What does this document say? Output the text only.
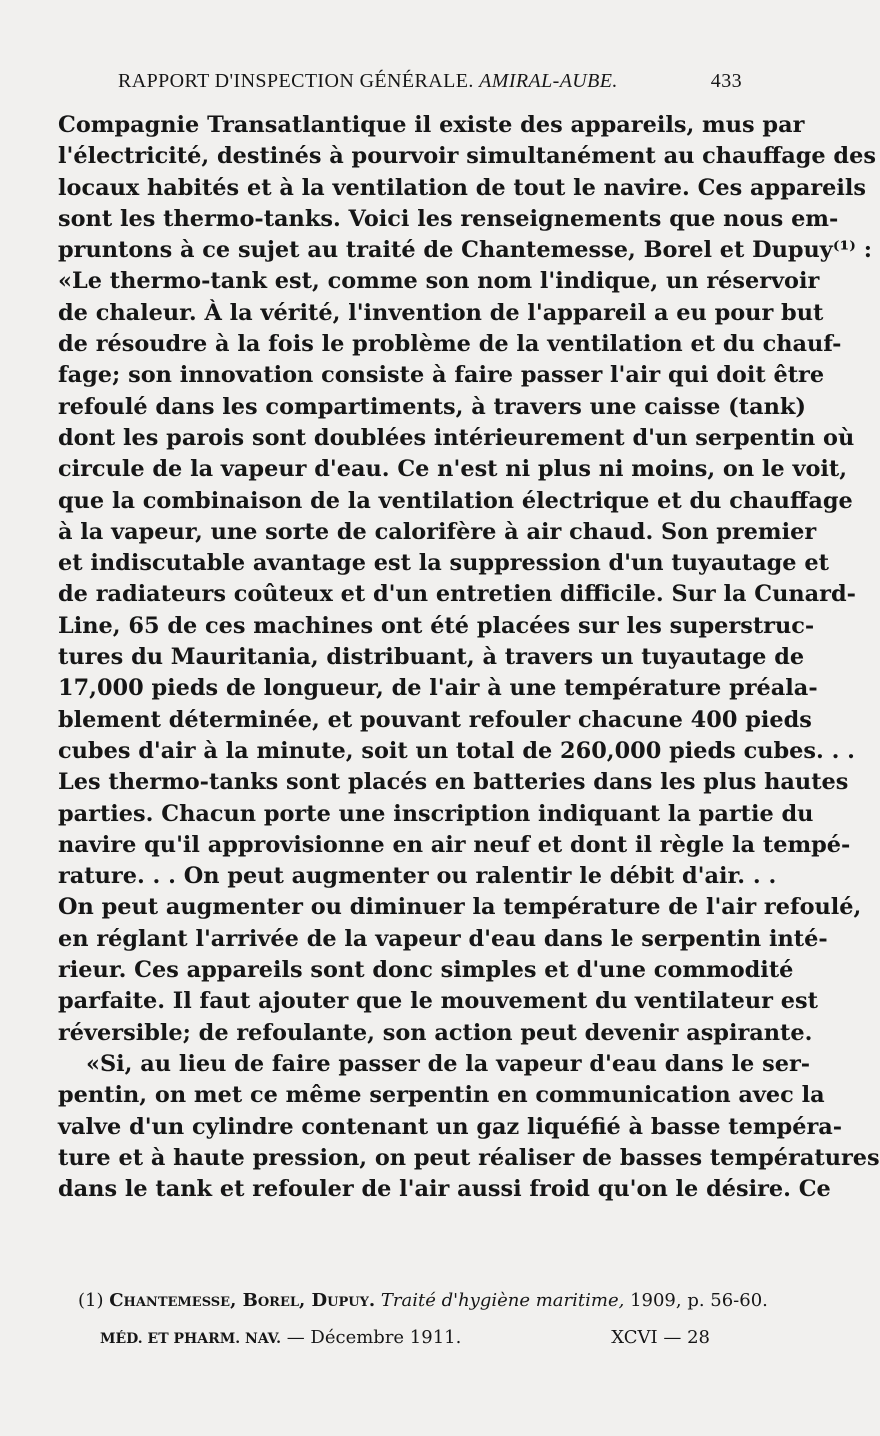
RAPPORT D'INSPECTION GÉNÉRALE. AMIRAL-AUBE.	433
Compagnie Transatlantique il existe des appareils, mus par
l'électricité, destinés à pourvoir simultanément au chauffage des
locaux habités et à la ventilation de tout le navire. Ces appareils
sont les thermo-tanks. Voici les renseignements que nous em-
pruntons à ce sujet au traité de Chantemesse, Borel et Dupuy⁽¹⁾ :
«Le thermo-tank est, comme son nom l'indique, un réservoir
de chaleur. À la vérité, l'invention de l'appareil a eu pour but
de résoudre à la fois le problème de la ventilation et du chauf-
fage; son innovation consiste à faire passer l'air qui doit être
refoulé dans les compartiments, à travers une caisse (tank)
dont les parois sont doublées intérieurement d'un serpentin où
circule de la vapeur d'eau. Ce n'est ni plus ni moins, on le voit,
que la combinaison de la ventilation électrique et du chauffage
à la vapeur, une sorte de calorifère à air chaud. Son premier
et indiscutable avantage est la suppression d'un tuyautage et
de radiateurs coûteux et d'un entretien difficile. Sur la Cunard-
Line, 65 de ces machines ont été placées sur les superstruc-
tures du Mauritania, distribuant, à travers un tuyautage de
17,000 pieds de longueur, de l'air à une température préala-
blement déterminée, et pouvant refouler chacune 400 pieds
cubes d'air à la minute, soit un total de 260,000 pieds cubes. . .
Les thermo-tanks sont placés en batteries dans les plus hautes
parties. Chacun porte une inscription indiquant la partie du
navire qu'il approvisionne en air neuf et dont il règle la tempé-
rature. . . On peut augmenter ou ralentir le débit d'air. . .
On peut augmenter ou diminuer la température de l'air refoulé,
en réglant l'arrivée de la vapeur d'eau dans le serpentin inté-
rieur. Ces appareils sont donc simples et d'une commodité
parfaite. Il faut ajouter que le mouvement du ventilateur est
réversible; de refoulante, son action peut devenir aspirante.
«Si, au lieu de faire passer de la vapeur d'eau dans le ser-
pentin, on met ce même serpentin en communication avec la
valve d'un cylindre contenant un gaz liquéfié à basse tempéra-
ture et à haute pression, on peut réaliser de basses températures
dans le tank et refouler de l'air aussi froid qu'on le désire. Ce
(1) Chantemesse, Borel, Dupuy. Traité d'hygiène maritime, 1909, p. 56-60.
MÉD. ET PHARM. NAV. — Décembre 1911.	XCVI — 28
